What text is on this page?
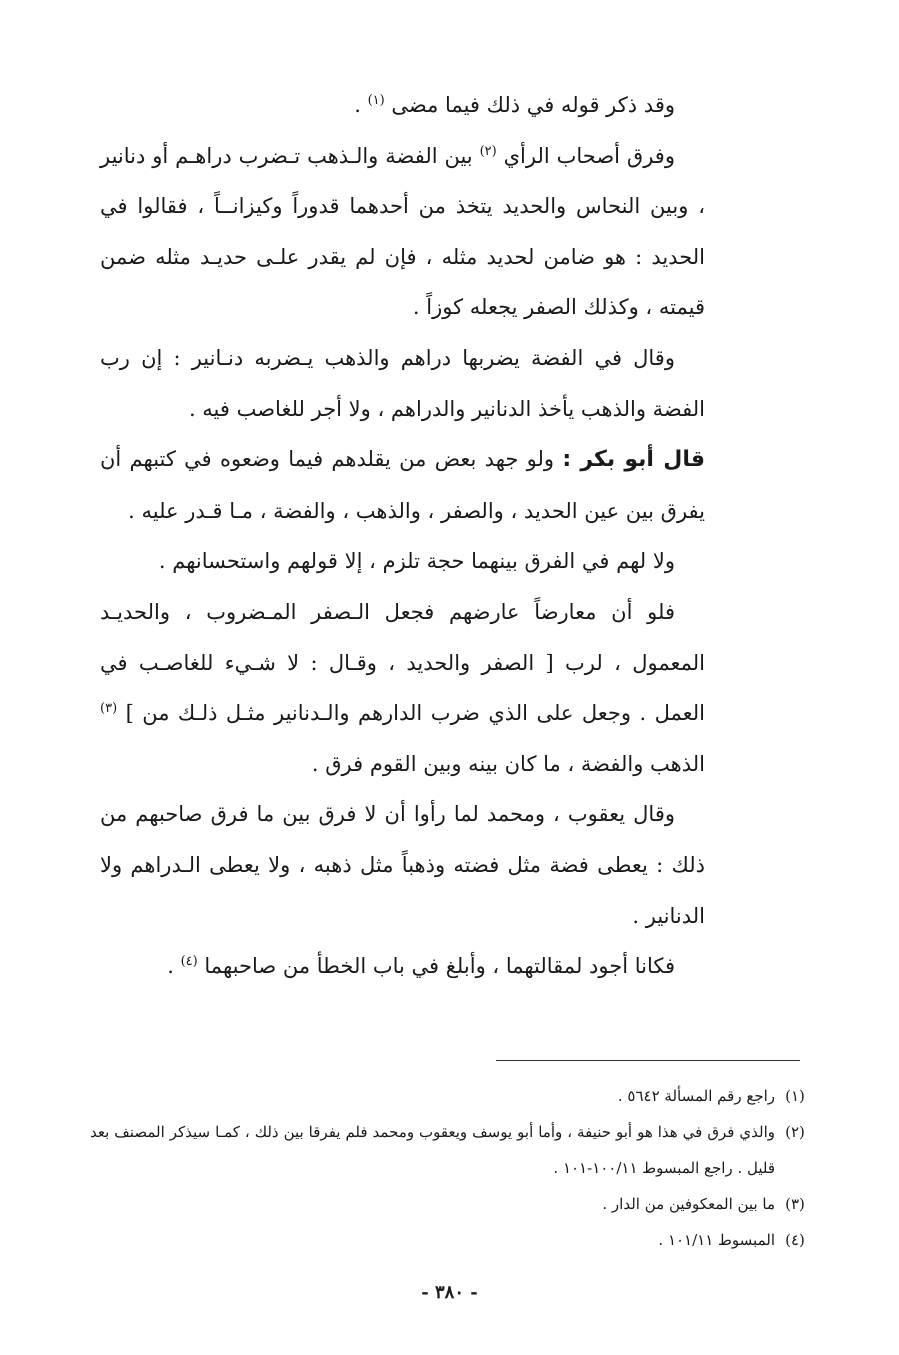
وقد ذكر قوله في ذلك فيما مضى $^{(١)}$ .

وفرق أصحاب الرأي $^{(٢)}$ بين الفضة والـذهب تـضرب دراهـم أو دنانير ، وبين النحاس والحديد يتخذ من أحدهما قدوراً وكيزانــاً ، فقالوا في الحديد : هو ضامن لحديد مثله ، فإن لم يقدر علـى حديـد مثله ضمن قيمته ، وكذلك الصفر يجعله كوزاً .

وقال في الفضة يضربها دراهم والذهب يـضربه دنـانير : إن رب الفضة والذهب يأخذ الدنانير والدراهم ، ولا أجر للغاصب فيه .

قال أبو بكر : ولو جهد بعض من يقلدهم فيما وضعوه في كتبهم أن يفرق بين عين الحديد ، والصفر ، والذهب ، والفضة ، مـا قـدر عليه .

ولا لهم في الفرق بينهما حجة تلزم ، إلا قولهم واستحسانهم .

فلو أن معارضاً عارضهم فجعل الـصفر المـضروب ، والحديـد المعمول ، لرب [ الصفر والحديد ، وقـال : لا شـيء للغاصـب في العمل . وجعل على الذي ضرب الدارهم والـدنانير مثـل ذلـك من ] $^{(٣)}$ الذهب والفضة ، ما كان بينه وبين القوم فرق .

وقال يعقوب ، ومحمد لما رأوا أن لا فرق بين ما فرق صاحبهم من ذلك : يعطى فضة مثل فضته وذهباً مثل ذهبه ، ولا يعطى الـدراهم ولا الدنانير .

فكانا أجود لمقالتهما ، وأبلغ في باب الخطأ من صاحبهما $^{(٤)}$ .

(١)
راجع رقم المسألة ٥٦٤٢ .
(٢)
والذي فرق في هذا هو أبو حنيفة ، وأما أبو يوسف ويعقوب ومحمد فلم يفرقا بين ذلك ، كمـا سيذكر المصنف بعد قليل . راجع المبسوط ١٠٠/١١-١٠١ .
(٣)
ما بين المعكوفين من الدار .
(٤)
المبسوط ١٠١/١١ .
- ٣٨٠ -
